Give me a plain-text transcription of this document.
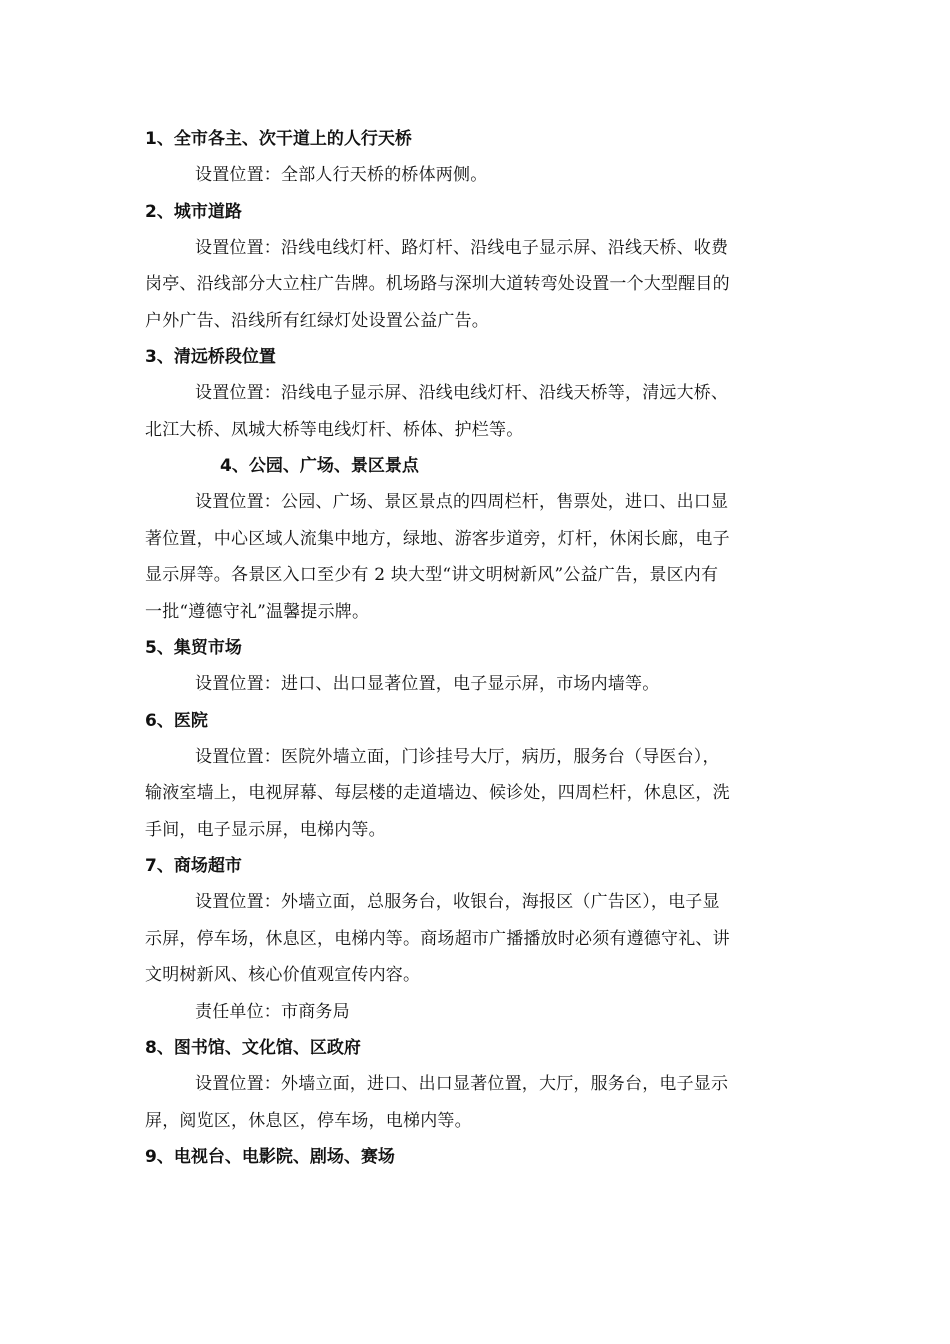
1、全市各主、次干道上的人行天桥

设置位置：全部人行天桥的桥体两侧。

2、城市道路

设置位置：沿线电线灯杆、路灯杆、沿线电子显示屏、沿线天桥、收费
岗亭、沿线部分大立柱广告牌。机场路与深圳大道转弯处设置一个大型醒目的
户外广告、沿线所有红绿灯处设置公益广告。

3、清远桥段位置

设置位置：沿线电子显示屏、沿线电线灯杆、沿线天桥等，清远大桥、
北江大桥、凤城大桥等电线灯杆、桥体、护栏等。

4、公园、广场、景区景点

设置位置：公园、广场、景区景点的四周栏杆，售票处，进口、出口显
著位置，中心区域人流集中地方，绿地、游客步道旁，灯杆，休闲长廊，电子
显示屏等。各景区入口至少有 2 块大型“讲文明树新风”公益广告，景区内有
一批“遵德守礼”温馨提示牌。

5、集贸市场

设置位置：进口、出口显著位置，电子显示屏，市场内墙等。

6、医院

设置位置：医院外墙立面，门诊挂号大厅，病历，服务台（导医台），
输液室墙上，电视屏幕、每层楼的走道墙边、候诊处，四周栏杆，休息区，洗
手间，电子显示屏，电梯内等。

7、商场超市

设置位置：外墙立面，总服务台，收银台，海报区（广告区），电子显
示屏，停车场，休息区，电梯内等。商场超市广播播放时必须有遵德守礼、讲
文明树新风、核心价值观宣传内容。

责任单位：市商务局

8、图书馆、文化馆、区政府

设置位置：外墙立面，进口、出口显著位置，大厅，服务台，电子显示
屏，阅览区，休息区，停车场，电梯内等。

9、电视台、电影院、剧场、赛场
